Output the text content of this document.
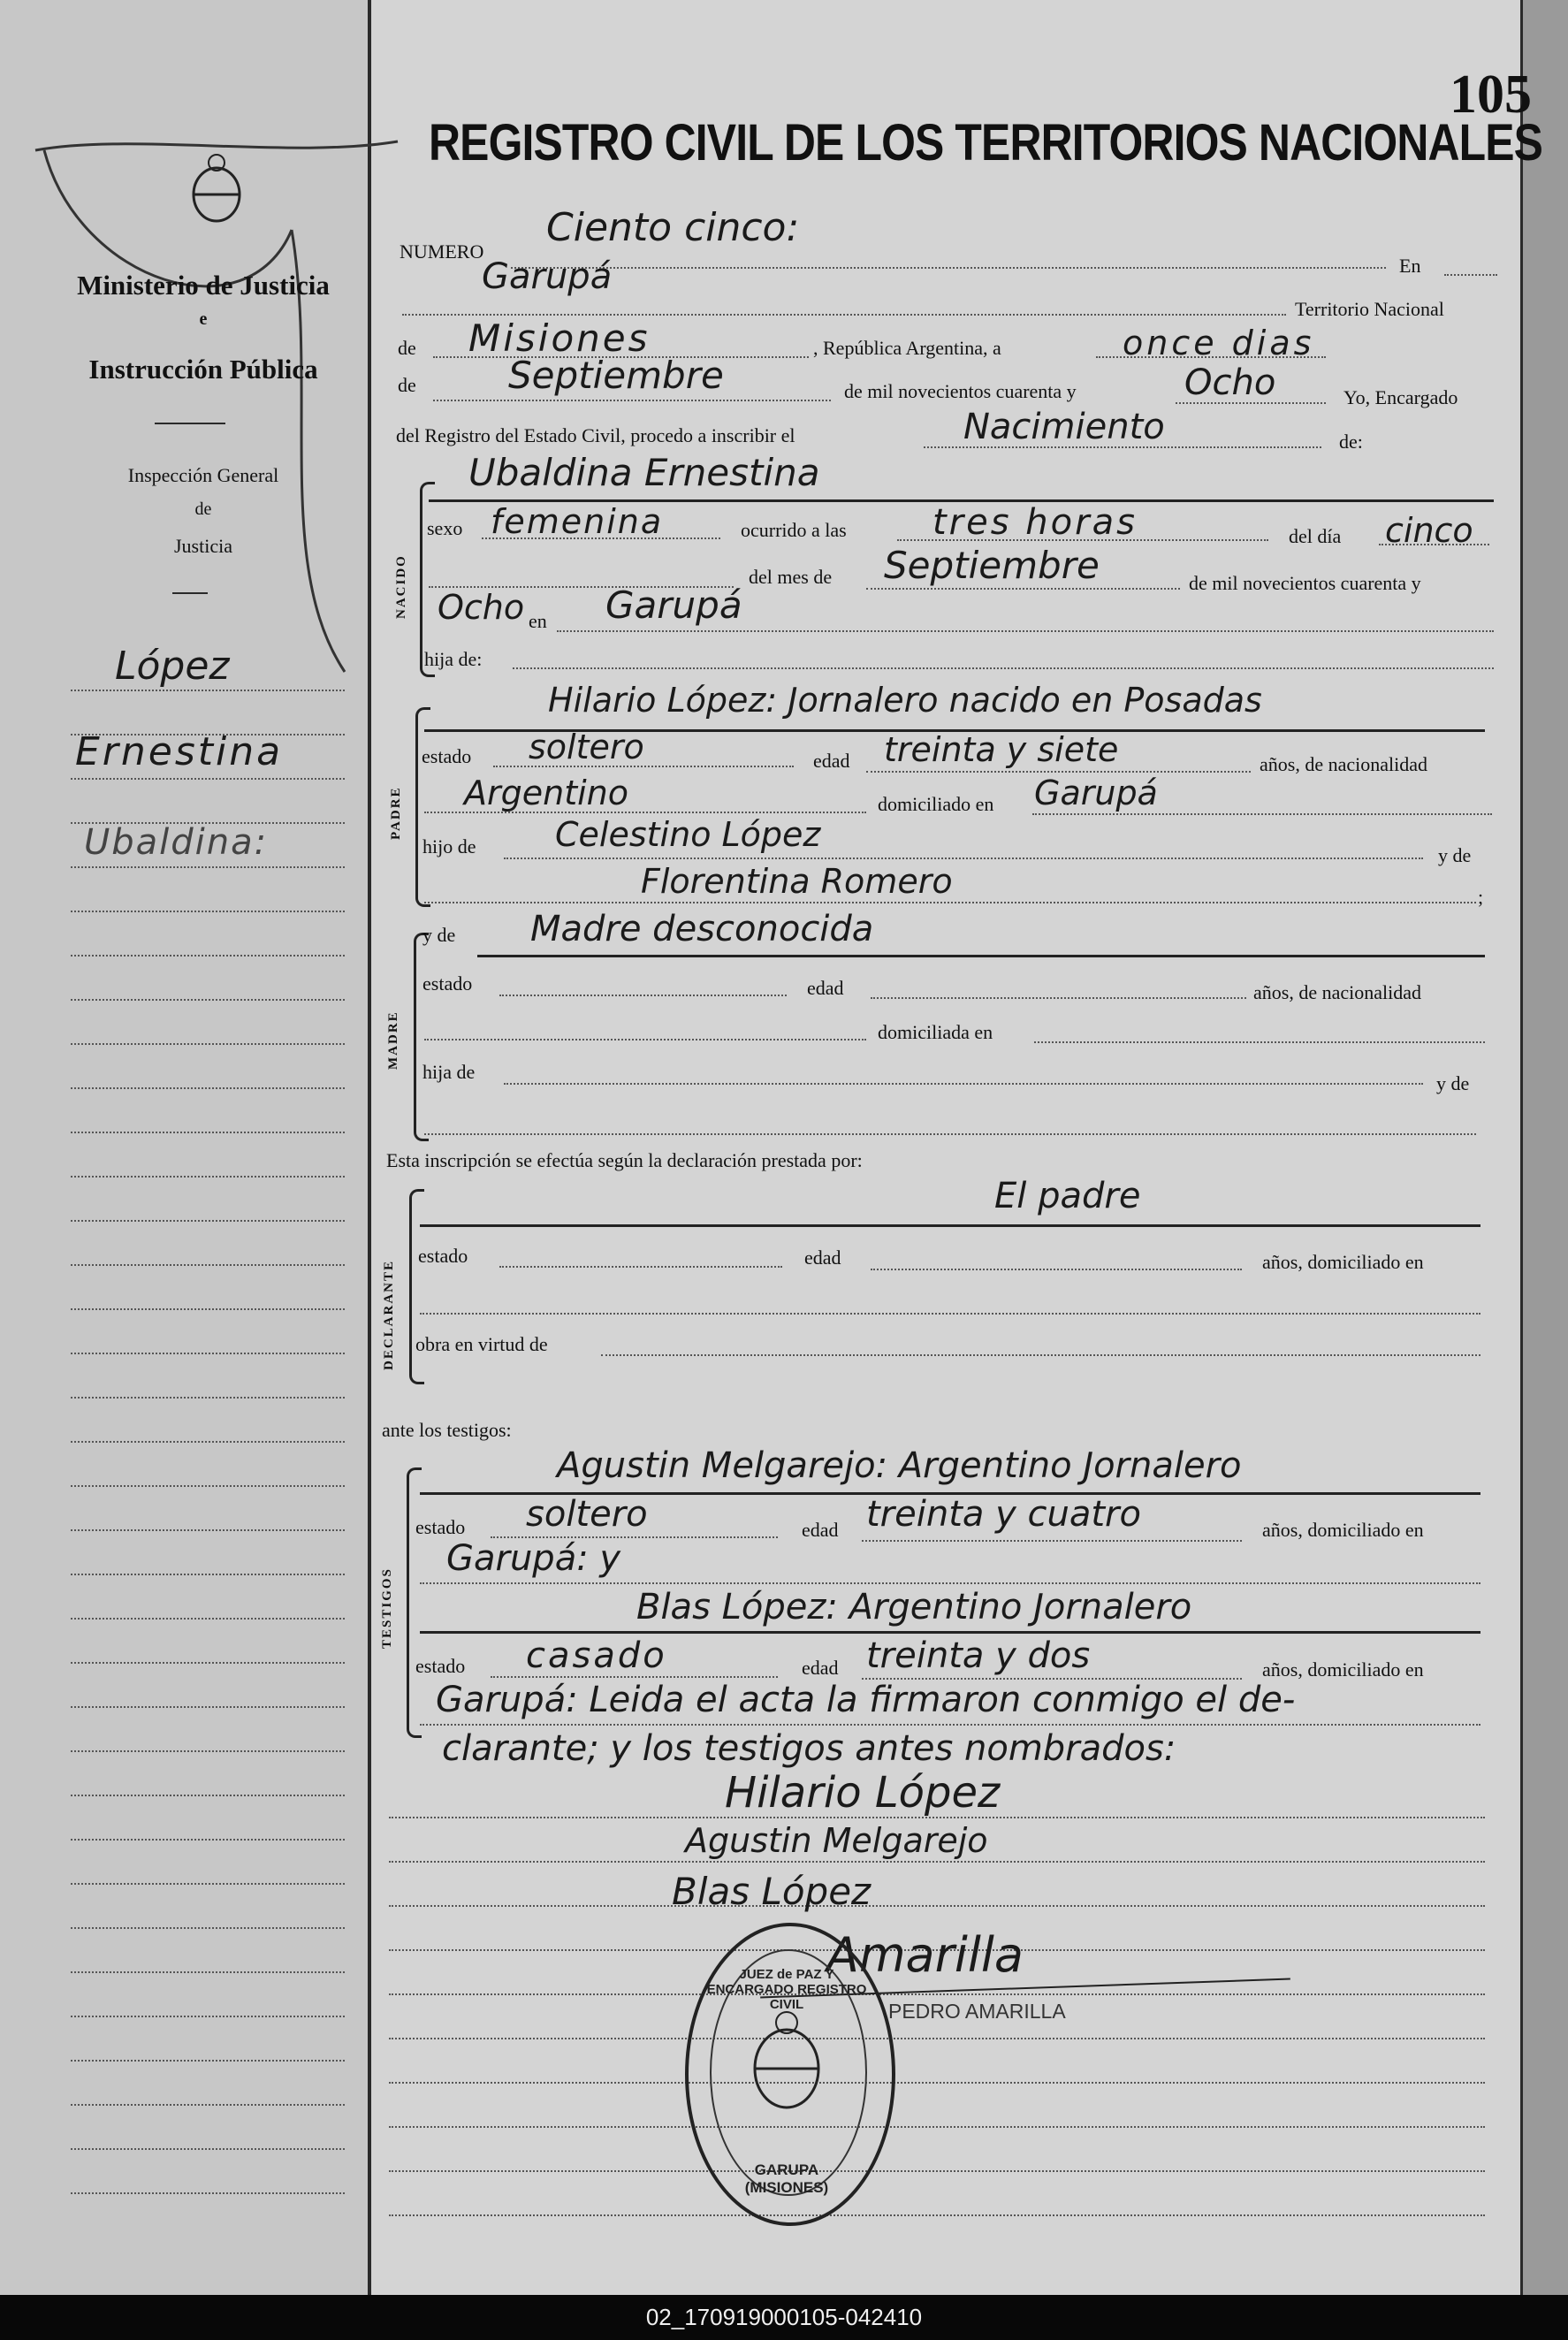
Ministerio de Justicia
e
Instrucción Pública
Inspección General
de
Justicia
López
Ernestina
Ubaldina:
REGISTRO CIVIL DE LOS TERRITORIOS NACIONALES
105
NUMERO
Ciento cinco:
En
Garupá
Territorio Nacional
de Misiones	, República Argentina, a	once dias
de Septiembre	de mil novecientos cuarenta y	Ocho	Yo, Encargado
del Registro del Estado Civil, procedo a inscribir el	Nacimiento	de:
NACIDO
Ubaldina Ernestina
sexo femenina	ocurrido a las tres horas	del día cinco
del mes de Septiembre	de mil novecientos cuarenta y
Ocho en Garupá
hija de:
PADRE
Hilario López: Jornalero nacido en Posadas
estado soltero	edad treinta y siete	años, de nacionalidad
Argentino	domiciliado en Garupá
hijo de Celestino López
y de
Florentina Romero	;
MADRE
y de Madre desconocida
estado	edad	años, de nacionalidad
domiciliada en
hija de
y de
Esta inscripción se efectúa según la declaración prestada por:
DECLARANTE
El padre
estado	edad	años, domiciliado en
obra en virtud de
ante los testigos:
TESTIGOS
Agustin Melgarejo: Argentino Jornalero
estado soltero	edad treinta y cuatro	años, domiciliado en
Garupá: y
Blas López: Argentino Jornalero
estado casado	edad treinta y dos	años, domiciliado en
Garupá: Leida el acta la firmaron conmigo el de-
clarante; y los testigos antes nombrados:
Hilario López
Agustin Melgarejo
Blas López
Amarilla
PEDRO AMARILLA
JUEZ de PAZ Y ENCARGADO REGISTRO CIVIL
GARUPA (MISIONES)
02_170919000105-042410
